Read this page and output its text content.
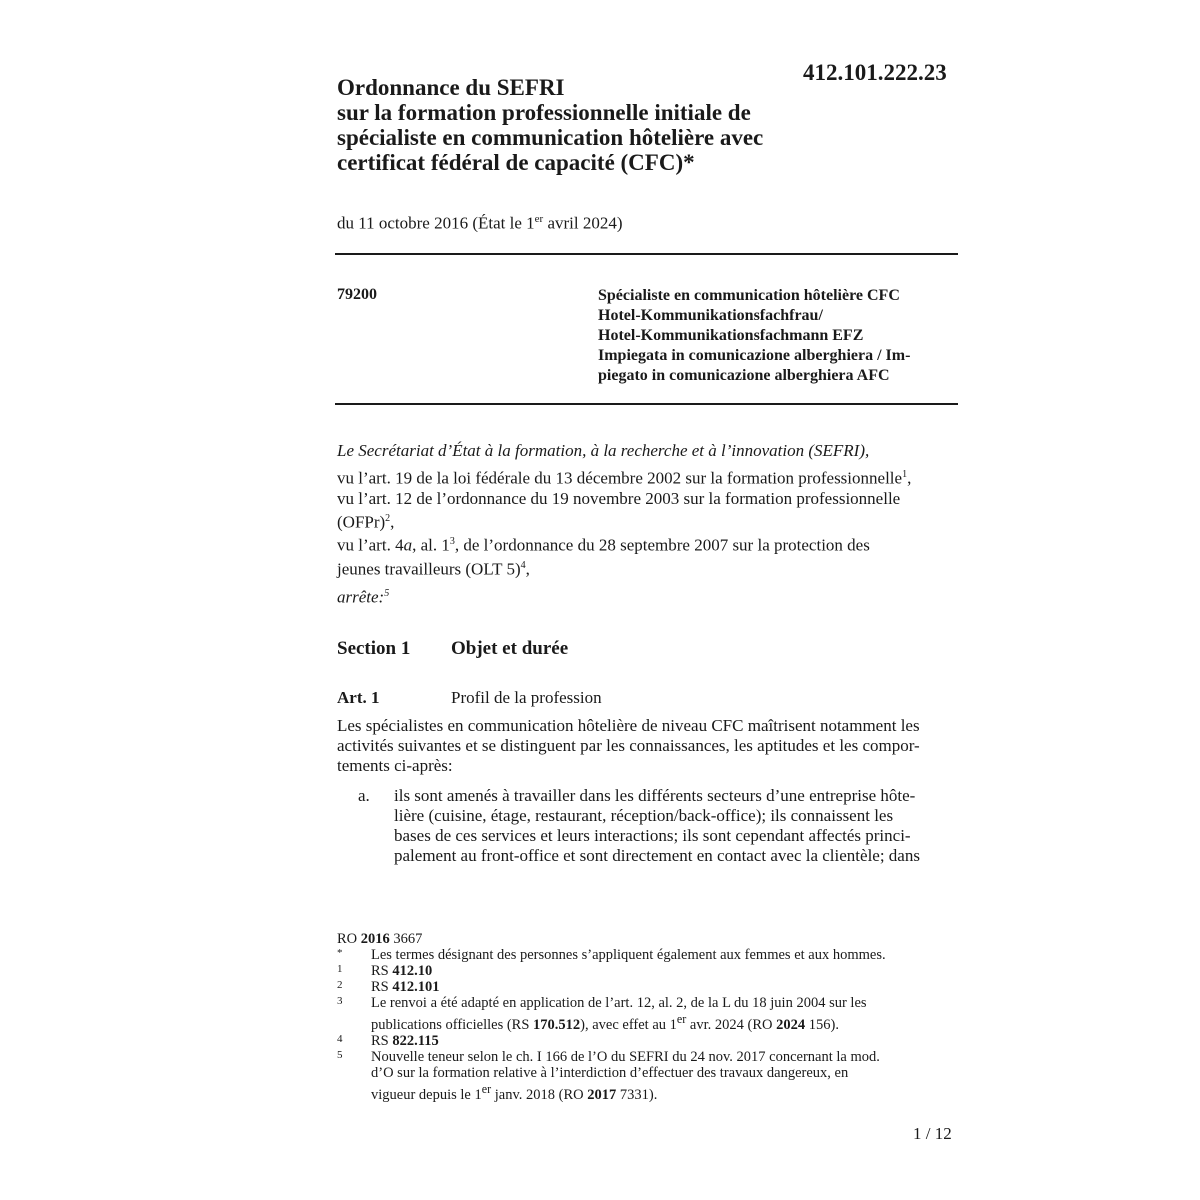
412.101.222.23
Ordonnance du SEFRI
sur la formation professionnelle initiale de
spécialiste en communication hôtelière avec
certificat fédéral de capacité (CFC)*
du 11 octobre 2016 (État le 1er avril 2024)
79200	Spécialiste en communication hôtelière CFC
Hotel-Kommunikationsfachfrau/
Hotel-Kommunikationsfachmann EFZ
Impiegata in comunicazione alberghiera / Im-
piegato in comunicazione alberghiera AFC
Le Secrétariat d’État à la formation, à la recherche et à l’innovation (SEFRI),
vu l’art. 19 de la loi fédérale du 13 décembre 2002 sur la formation professionnelle$^1$,
vu l’art. 12 de l’ordonnance du 19 novembre 2003 sur la formation professionnelle
(OFPr)$^2$,
vu l’art. 4a, al. $1^3$, de l’ordonnance du 28 septembre 2007 sur la protection des
jeunes travailleurs (OLT 5)$^4$,
arrête:$^5$
Section 1 Objet et durée
Art. 1	Profil de la profession
Les spécialistes en communication hôtelière de niveau CFC maîtrisent notamment les
activités suivantes et se distinguent par les connaissances, les aptitudes et les compor-
tements ci-après:
a. ils sont amenés à travailler dans les différents secteurs d’une entreprise hôte-
lière (cuisine, étage, restaurant, réception/back-office); ils connaissent les
bases de ces services et leurs interactions; ils sont cependant affectés princi-
palement au front-office et sont directement en contact avec la clientèle; dans
RO 2016 3667
* Les termes désignant des personnes s’appliquent également aux femmes et aux hommes.
1 RS 412.10
2 RS 412.101
3 Le renvoi a été adapté en application de l’art. 12, al. 2, de la L du 18 juin 2004 sur les
publications officielles (RS 170.512), avec effet au 1er avr. 2024 (RO 2024 156).
4 RS 822.115
5 Nouvelle teneur selon le ch. I 166 de l’O du SEFRI du 24 nov. 2017 concernant la mod.
d’O sur la formation relative à l’interdiction d’effectuer des travaux dangereux, en
vigueur depuis le 1er janv. 2018 (RO 2017 7331).
1 / 12
